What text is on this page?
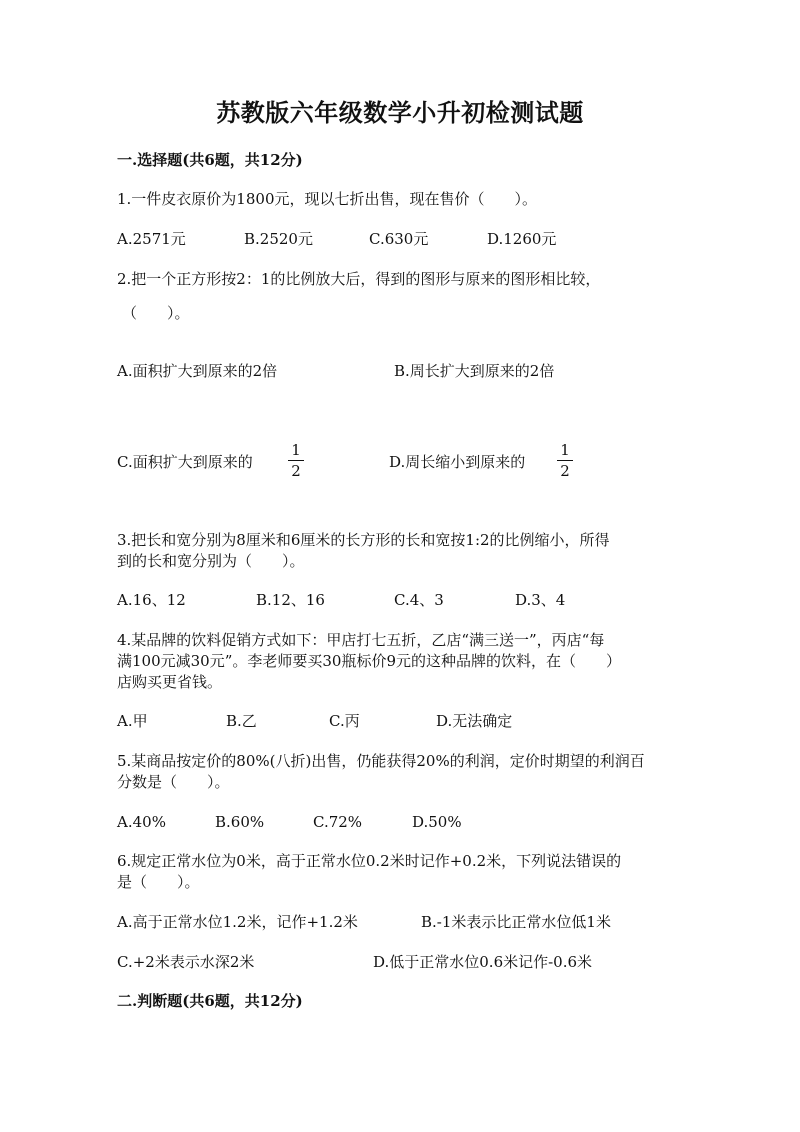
苏教版六年级数学小升初检测试题
一.选择题(共6题，共12分)
1.一件皮衣原价为1800元，现以七折出售，现在售价（　　）。
A.2571元	B.2520元	C.630元	D.1260元
2.把一个正方形按2：1的比例放大后，得到的图形与原来的图形相比较，
（　　）。
A.面积扩大到原来的2倍	B.周长扩大到原来的2倍
C.面积扩大到原来的
1
2	D.周长缩小到原来的
1
2
3.把长和宽分别为8厘米和6厘米的长方形的长和宽按1:2的比例缩小，所得
到的长和宽分别为（　　）。
A.16、12	B.12、16	C.4、3	D.3、4
4.某品牌的饮料促销方式如下：甲店打七五折，乙店“满三送一”，丙店“每
满100元减30元”。李老师要买30瓶标价9元的这种品牌的饮料，在（　　）
店购买更省钱。
A.甲	B.乙	C.丙	D.无法确定
5.某商品按定价的80%(八折)出售，仍能获得20%的利润，定价时期望的利润百
分数是（　　）。
A.40%	B.60%	C.72%	D.50%
6.规定正常水位为0米，高于正常水位0.2米时记作+0.2米，下列说法错误的
是（　　）。
A.高于正常水位1.2米，记作+1.2米	B.-1米表示比正常水位低1米
C.+2米表示水深2米	D.低于正常水位0.6米记作-0.6米
二.判断题(共6题，共12分)
